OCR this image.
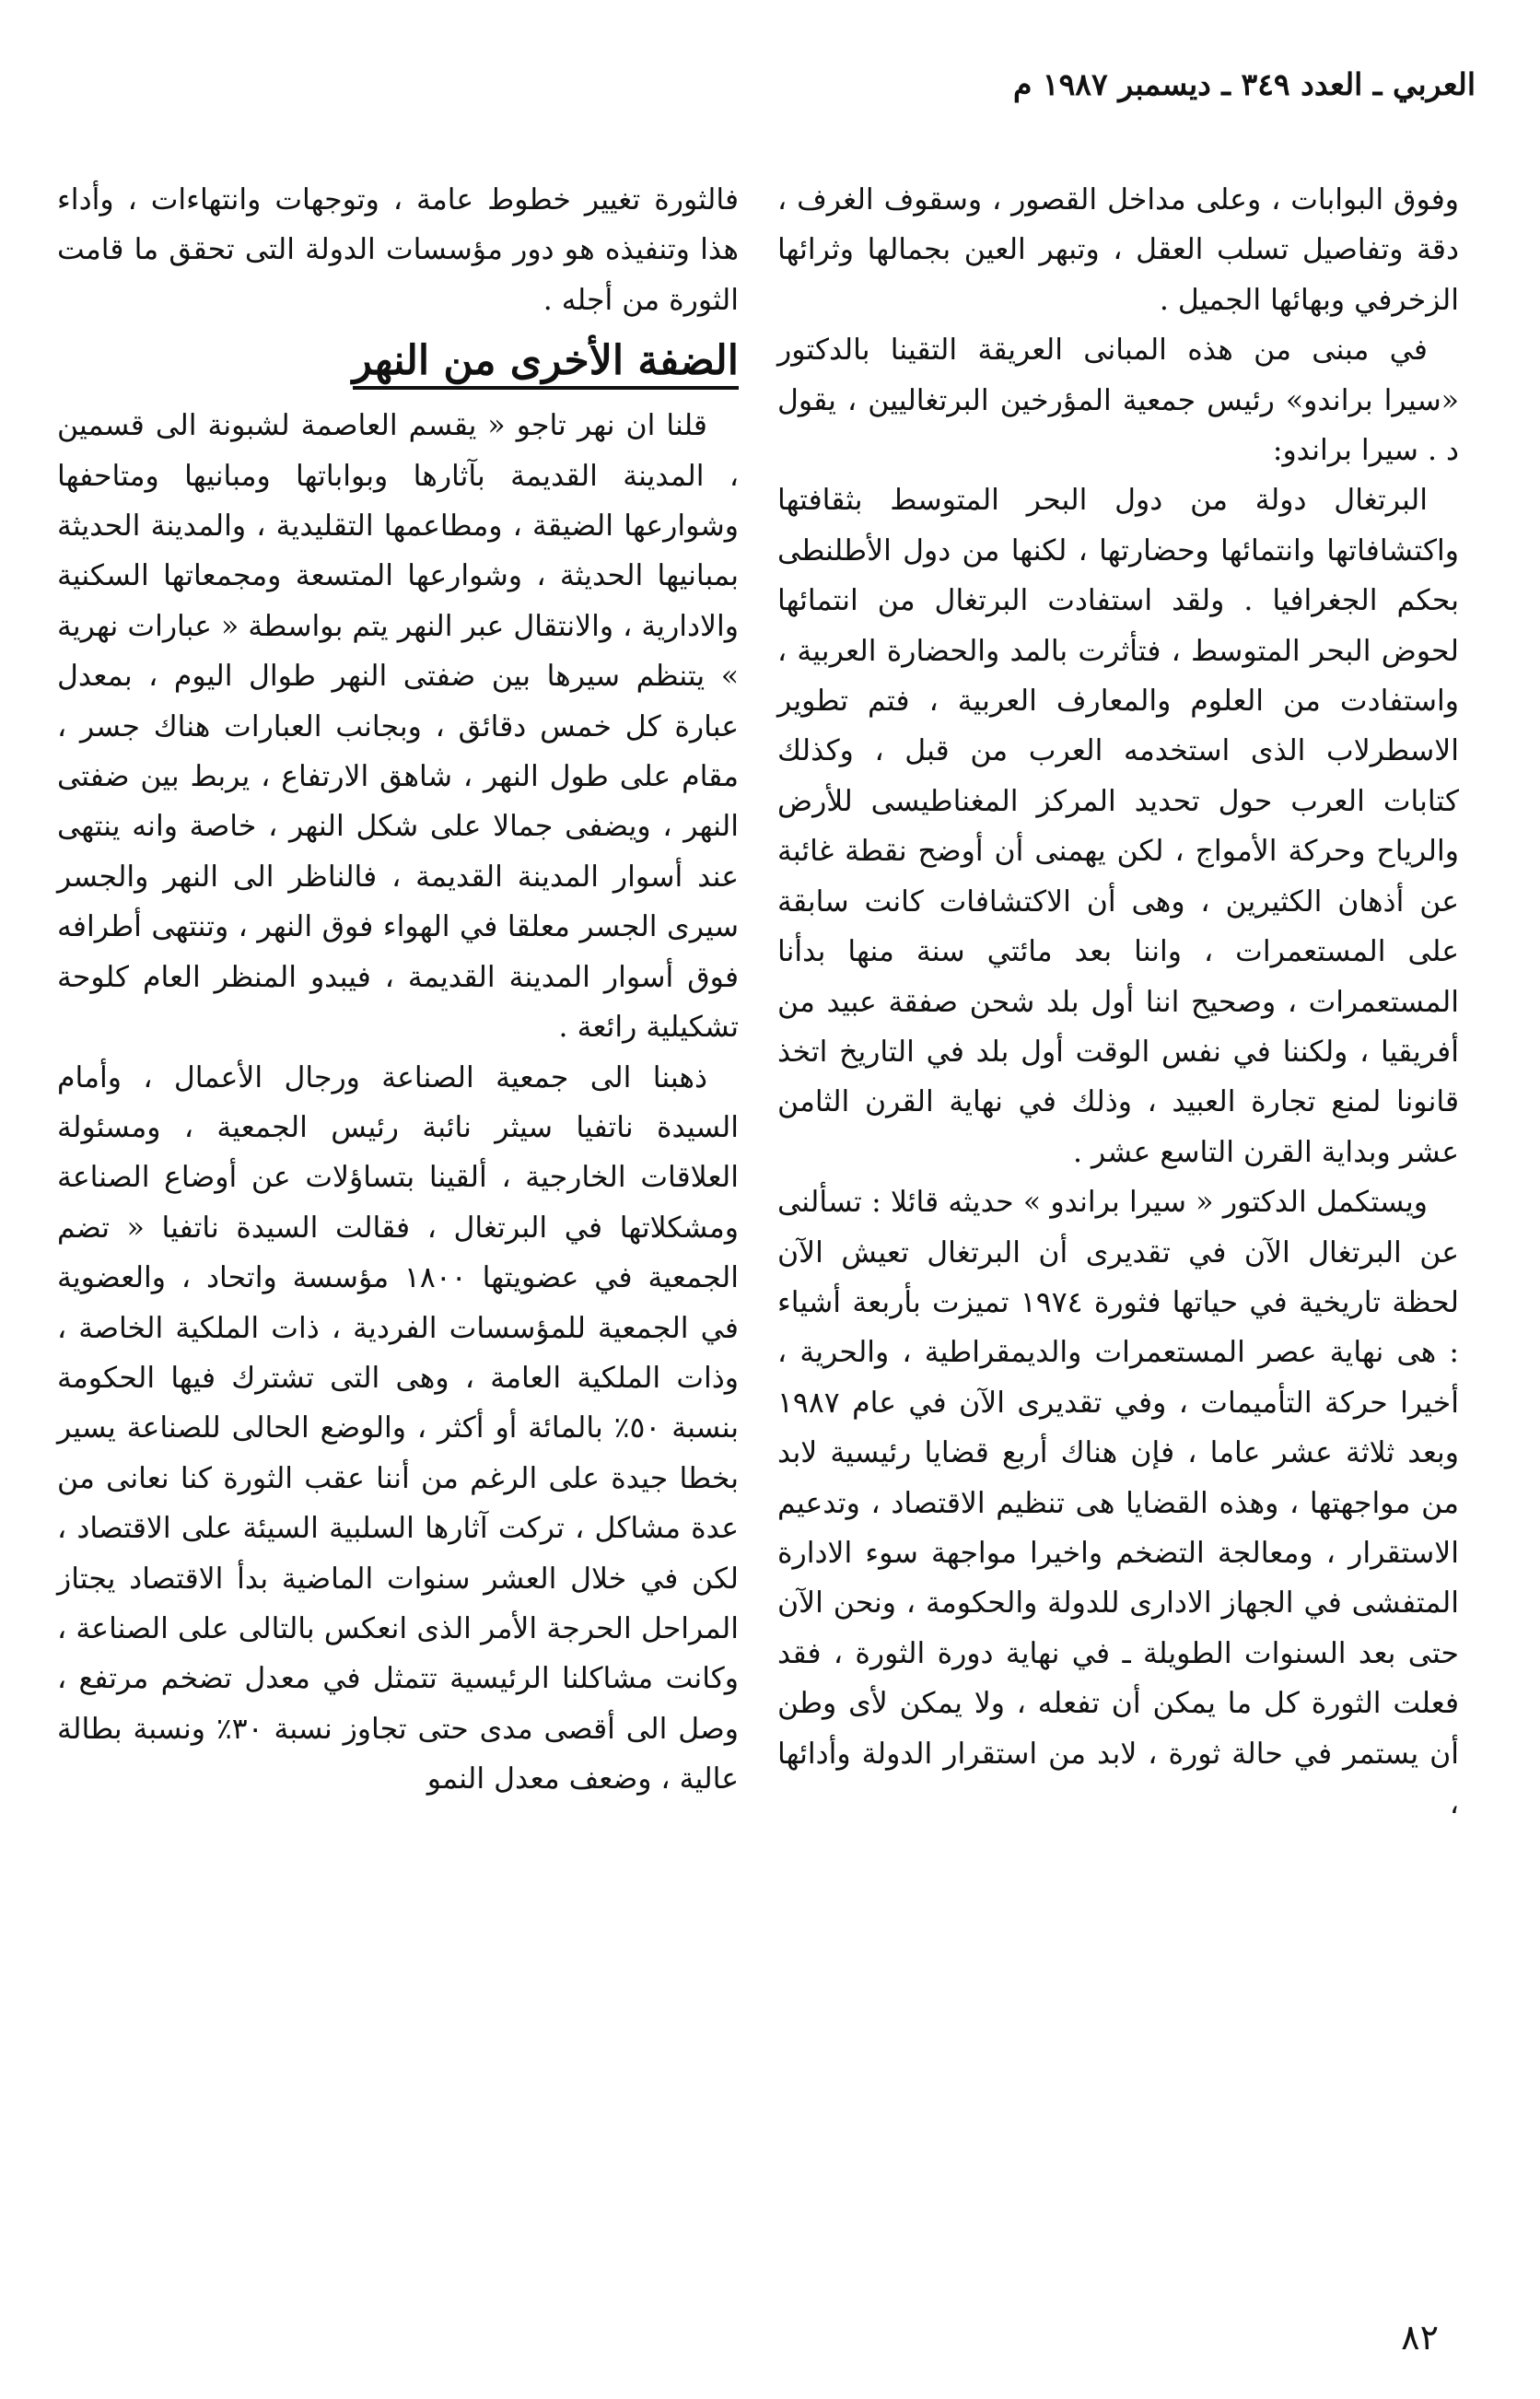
العربي ـ العدد ٣٤٩ ـ ديسمبر ١٩٨٧ م

وفوق البوابات ، وعلى مداخل القصور ، وسقوف الغرف ، دقة وتفاصيل تسلب العقل ، وتبهر العين بجمالها وثرائها الزخرفي وبهائها الجميل .

في مبنى من هذه المبانى العريقة التقينا بالدكتور «سيرا براندو» رئيس جمعية المؤرخين البرتغاليين ، يقول د . سيرا براندو:

البرتغال دولة من دول البحر المتوسط بثقافتها واكتشافاتها وانتمائها وحضارتها ، لكنها من دول الأطلنطى بحكم الجغرافيا . ولقد استفادت البرتغال من انتمائها لحوض البحر المتوسط ، فتأثرت بالمد والحضارة العربية ، واستفادت من العلوم والمعارف العربية ، فتم تطوير الاسطرلاب الذى استخدمه العرب من قبل ، وكذلك كتابات العرب حول تحديد المركز المغناطيسى للأرض والرياح وحركة الأمواج ، لكن يهمنى أن أوضح نقطة غائبة عن أذهان الكثيرين ، وهى أن الاكتشافات كانت سابقة على المستعمرات ، واننا بعد مائتي سنة منها بدأنا المستعمرات ، وصحيح اننا أول بلد شحن صفقة عبيد من أفريقيا ، ولكننا في نفس الوقت أول بلد في التاريخ اتخذ قانونا لمنع تجارة العبيد ، وذلك في نهاية القرن الثامن عشر وبداية القرن التاسع عشر .

ويستكمل الدكتور « سيرا براندو » حديثه قائلا : تسألنى عن البرتغال الآن في تقديرى أن البرتغال تعيش الآن لحظة تاريخية في حياتها فثورة ١٩٧٤ تميزت بأربعة أشياء : هى نهاية عصر المستعمرات والديمقراطية ، والحرية ، أخيرا حركة التأميمات ، وفي تقديرى الآن في عام ١٩٨٧ وبعد ثلاثة عشر عاما ، فإن هناك أربع قضايا رئيسية لابد من مواجهتها ، وهذه القضايا هى تنظيم الاقتصاد ، وتدعيم الاستقرار ، ومعالجة التضخم واخيرا مواجهة سوء الادارة المتفشى في الجهاز الادارى للدولة والحكومة ، ونحن الآن حتى بعد السنوات الطويلة ـ في نهاية دورة الثورة ، فقد فعلت الثورة كل ما يمكن أن تفعله ، ولا يمكن لأى وطن أن يستمر في حالة ثورة ، لابد من استقرار الدولة وأدائها ،

فالثورة تغيير خطوط عامة ، وتوجهات وانتهاءات ، وأداء هذا وتنفيذه هو دور مؤسسات الدولة التى تحقق ما قامت الثورة من أجله .

الضفة الأخرى من النهر

قلنا ان نهر تاجو « يقسم العاصمة لشبونة الى قسمين ، المدينة القديمة بآثارها وبواباتها ومبانيها ومتاحفها وشوارعها الضيقة ، ومطاعمها التقليدية ، والمدينة الحديثة بمبانيها الحديثة ، وشوارعها المتسعة ومجمعاتها السكنية والادارية ، والانتقال عبر النهر يتم بواسطة « عبارات نهرية » يتنظم سيرها بين ضفتى النهر طوال اليوم ، بمعدل عبارة كل خمس دقائق ، وبجانب العبارات هناك جسر ، مقام على طول النهر ، شاهق الارتفاع ، يربط بين ضفتى النهر ، ويضفى جمالا على شكل النهر ، خاصة وانه ينتهى عند أسوار المدينة القديمة ، فالناظر الى النهر والجسر سيرى الجسر معلقا في الهواء فوق النهر ، وتنتهى أطرافه فوق أسوار المدينة القديمة ، فيبدو المنظر العام كلوحة تشكيلية رائعة .

ذهبنا الى جمعية الصناعة ورجال الأعمال ، وأمام السيدة ناتفيا سيثر نائبة رئيس الجمعية ، ومسئولة العلاقات الخارجية ، ألقينا بتساؤلات عن أوضاع الصناعة ومشكلاتها في البرتغال ، فقالت السيدة ناتفيا « تضم الجمعية في عضويتها ١٨٠٠ مؤسسة واتحاد ، والعضوية في الجمعية للمؤسسات الفردية ، ذات الملكية الخاصة ، وذات الملكية العامة ، وهى التى تشترك فيها الحكومة بنسبة ٥٠٪ بالمائة أو أكثر ، والوضع الحالى للصناعة يسير بخطا جيدة على الرغم من أننا عقب الثورة كنا نعانى من عدة مشاكل ، تركت آثارها السلبية السيئة على الاقتصاد ، لكن في خلال العشر سنوات الماضية بدأ الاقتصاد يجتاز المراحل الحرجة الأمر الذى انعكس بالتالى على الصناعة ، وكانت مشاكلنا الرئيسية تتمثل في معدل تضخم مرتفع ، وصل الى أقصى مدى حتى تجاوز نسبة ٣٠٪ ونسبة بطالة عالية ، وضعف معدل النمو

٨٢
